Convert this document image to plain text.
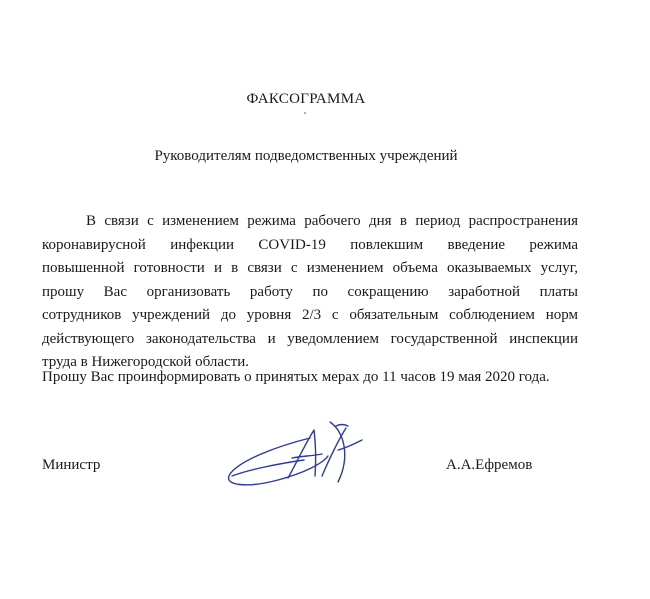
ФАКСОГРАММА
Руководителям подведомственных учреждений
В связи с изменением режима рабочего дня в период распространения
коронавирусной инфекции COVID-19 повлекшим введение режима
повышенной готовности и в связи с изменением объема оказываемых услуг,
прошу Вас организовать работу по сокращению заработной платы
сотрудников учреждений до уровня 2/3 с обязательным соблюдением норм
действующего законодательства и уведомлением государственной инспекции
труда в Нижегородской области.
Прошу Вас проинформировать о принятых мерах до 11 часов 19 мая 2020 года.
Министр	А.А.Ефремов
